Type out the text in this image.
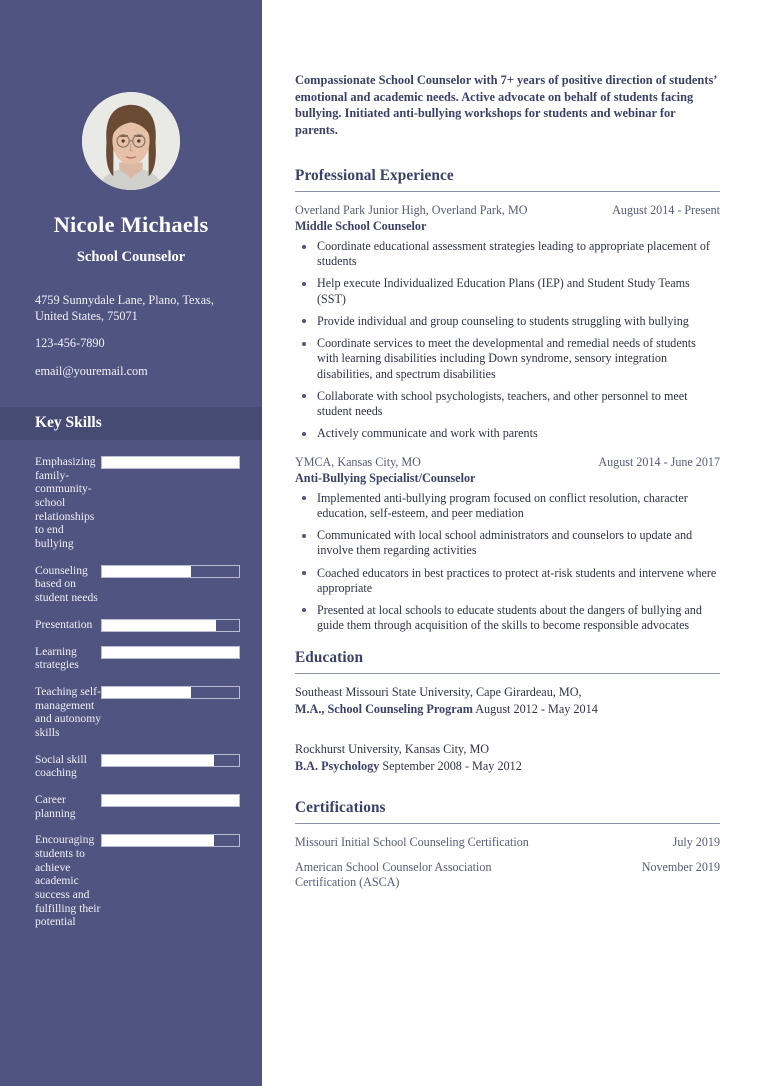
Nicole Michaels
School Counselor
4759 Sunnydale Lane, Plano, Texas, United States, 75071
123-456-7890
email@youremail.com
Key Skills
Emphasizing family-community-school relationships to end bullying
Counseling based on student needs
Presentation
Learning strategies
Teaching self-management and autonomy skills
Social skill coaching
Career planning
Encouraging students to achieve academic success and fulfilling their potential
Compassionate School Counselor with 7+ years of positive direction of students’ emotional and academic needs. Active advocate on behalf of students facing bullying. Initiated anti-bullying workshops for students and webinar for parents.
Professional Experience
Overland Park Junior High, Overland Park, MO	August 2014 - Present
Middle School Counselor
Coordinate educational assessment strategies leading to appropriate placement of students
Help execute Individualized Education Plans (IEP) and Student Study Teams (SST)
Provide individual and group counseling to students struggling with bullying
Coordinate services to meet the developmental and remedial needs of students with learning disabilities including Down syndrome, sensory integration disabilities, and spectrum disabilities
Collaborate with school psychologists, teachers, and other personnel to meet student needs
Actively communicate and work with parents
YMCA, Kansas City, MO	August 2014 - June 2017
Anti-Bullying Specialist/Counselor
Implemented anti-bullying program focused on conflict resolution, character education, self-esteem, and peer mediation
Communicated with local school administrators and counselors to update and involve them regarding activities
Coached educators in best practices to protect at-risk students and intervene where appropriate
Presented at local schools to educate students about the dangers of bullying and guide them through acquisition of the skills to become responsible advocates
Education
Southeast Missouri State University, Cape Girardeau, MO,
M.A., School Counseling Program August 2012 - May 2014
Rockhurst University, Kansas City, MO
B.A. Psychology September 2008 - May 2012
Certifications
Missouri Initial School Counseling Certification	July 2019
American School Counselor Association Certification (ASCA)
November 2019
